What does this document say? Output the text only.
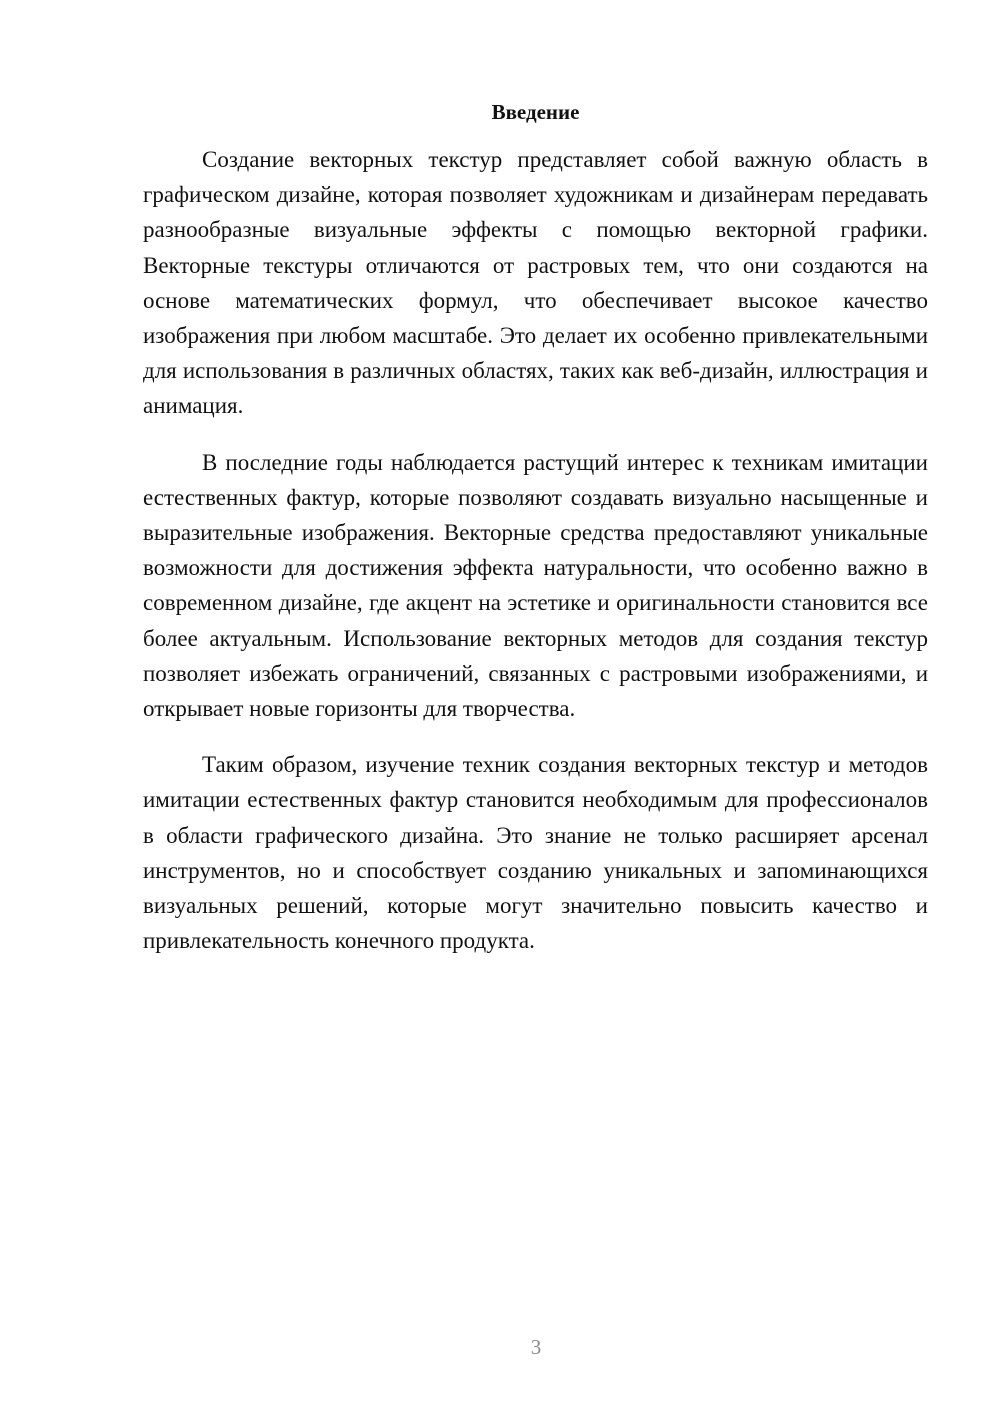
Введение

Создание векторных текстур представляет собой важную область в графическом дизайне, которая позволяет художникам и дизайнерам передавать разнообразные визуальные эффекты с помощью векторной графики. Векторные текстуры отличаются от растровых тем, что они создаются на основе математических формул, что обеспечивает высокое качество изображения при любом масштабе. Это делает их особенно привлекательными для использования в различных областях, таких как веб-дизайн, иллюстрация и анимация.

В последние годы наблюдается растущий интерес к техникам имитации естественных фактур, которые позволяют создавать визуально насыщенные и выразительные изображения. Векторные средства предоставляют уникальные возможности для достижения эффекта натуральности, что особенно важно в современном дизайне, где акцент на эстетике и оригинальности становится все более актуальным. Использование векторных методов для создания текстур позволяет избежать ограничений, связанных с растровыми изображениями, и открывает новые горизонты для творчества.

Таким образом, изучение техник создания векторных текстур и методов имитации естественных фактур становится необходимым для профессионалов в области графического дизайна. Это знание не только расширяет арсенал инструментов, но и способствует созданию уникальных и запоминающихся визуальных решений, которые могут значительно повысить качество и привлекательность конечного продукта.

3
